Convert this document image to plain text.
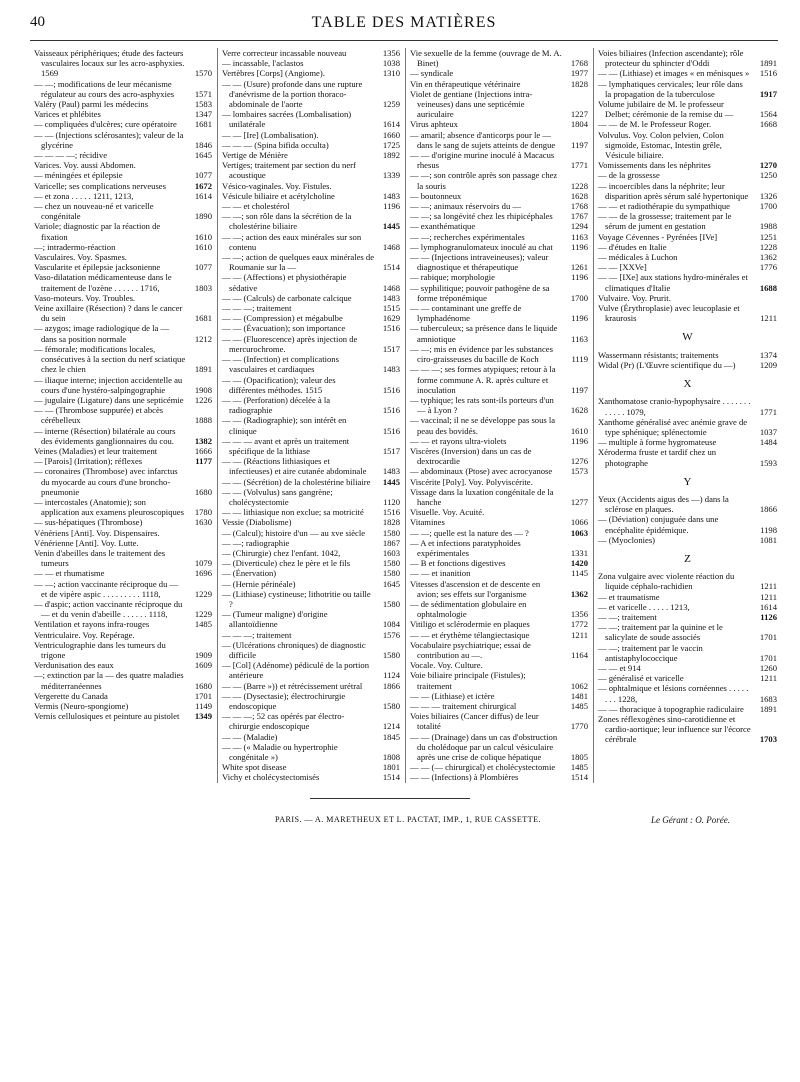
40	TABLE DES MATIÈRES
Vaisseaux périphériques; étude des facteurs vasculaires locaux sur les acro-asphyxies. 1569	1570
— —; modifications de leur mécanisme régulateur au cours des acro-asphyxies	1571
Valéry (Paul) parmi les médecins	1583
Varices et phlébites	1347
— compliquées d'ulcères; cure opératoire	1681
— — (Injections sclérosantes); valeur de la glycérine	1846
— — — —; récidive	1645
Varices. Voy. aussi Abdomen.
— méningées et épilepsie	1077
Varicelle; ses complications nerveuses	1672
— et zona . . . . . 1211, 1213,	1614
— chez un nouveau-né et varicelle congénitale	1890
Variole; diagnostic par la réaction de fixation	1610
—; intradermo-réaction	1610
Vasculaires. Voy. Spasmes.
Vascularite et épilepsie jacksonienne	1077
Vaso-dilatation médicamenteuse dans le traitement de l'ozène . . . . . . 1716,	1803
Vaso-moteurs. Voy. Troubles.
Veine axillaire (Résection) ? dans le cancer du sein	1681
— azygos; image radiologique de la — dans sa position normale	1212
— fémorale; modifications locales, consécutives à la section du nerf sciatique chez le chien	1891
— iliaque interne; injection accidentelle au cours d'une hystéro-salpingographie	1908
— jugulaire (Ligature) dans une septicémie	1226
— — (Thrombose suppurée) et abcès cérébelleux	1888
— interne (Résection) bilatérale au cours des évidements ganglionnaires du cou.	1382
Veines (Maladies) et leur traitement	1666
— [Parois] (Irritation); réflexes	1177
— coronaires (Thrombose) avec infarctus du myocarde au cours d'une broncho-pneumonie	1680
— intercostales (Anatomie); son application aux examens pleuroscopiques	1780
— sus-hépatiques (Thrombose)	1630
Vénériens [Anti]. Voy. Dispensaires.
Vénérienne [Anti]. Voy. Lutte.
Venin d'abeilles dans le traitement des tumeurs	1079
— — et rhumatisme	1696
— —; action vaccinante réciproque du — et de vipère aspic . . . . . . . . . 1118,	1229
— d'aspic; action vaccinante réciproque du — et du venin d'abeille . . . . . . 1118,	1229
Ventilation et rayons infra-rouges	1485
Ventriculaire. Voy. Repérage.
Ventriculographie dans les tumeurs du trigone	1909
Verdunisation des eaux	1609
—; extinction par la — des quatre maladies méditerranéennes	1680
Vergerette du Canada	1701
Vermis (Neuro-spongiome)	1149
Vernis cellulosiques et peinture au pistolet	1349
Verre correcteur incassable nouveau	1356
— incassable, l'aclastos	1038
Vertèbres [Corps] (Angiome).	1310
— — (Usure) profonde dans une rupture d'anévrisme de la portion thoraco-abdominale de l'aorte	1259
— lombaires sacrées (Lombalisation) unilatérale	1614
— — [Ire] (Lombalisation).	1660
— — — (Spina bifida occulta)	1725
Vertige de Ménière	1892
Vertiges; traitement par section du nerf acoustique	1339
Vésico-vaginales. Voy. Fistules.
Vésicule biliaire et acétylcholine	1483
— — et cholestérol	1196
— —; son rôle dans la sécrétion de la cholestérine biliaire	1445
— —; action des eaux minérales sur son contenu	1468
— —; action de quelques eaux minérales de Roumanie sur la —	1514
— — (Affections) et physiothérapie sédative	1468
— — (Calculs) de carbonate calcique	1483
— — —; traitement	1515
— — (Compression) et mégabulbe	1629
— — (Évacuation); son importance	1516
— — (Fluorescence) après injection de mercurochrome.	1517
— — (Infection) et complications vasculaires et cardiaques	1483
— — (Opacification); valeur des différentes méthodes. 1515	1516
— — (Perforation) décelée à la radiographie	1516
— — (Radiographie); son intérêt en clinique	1516
— — — avant et après un traitement spécifique de la lithiase	1517
— — (Réactions lithiasiques et infectieuses) et aire cutanée abdominale	1483
— — (Sécrétion) de la cholestérine biliaire	1445
— — (Volvulus) sans gangrène; cholécystectomie	1120
— — lithiasique non exclue; sa motricité	1516
Vessie (Diabolisme)	1828
— (Calcul); histoire d'un — au xve siècle	1580
— —; radiographie	1867
— (Chirurgie) chez l'enfant. 1042,	1603
— (Diverticule) chez le père et le fils	1580
— (Énervation)	1580
— (Hernie périnéale)	1645
— (Lithiase) cystineuse; lithotritie ou taille ?	1580
— (Tumeur maligne) d'origine allantoïdienne	1084
— — —; traitement	1576
— (Ulcérations chroniques) de diagnostic difficile	1580
— [Col] (Adénome) pédiculé de la portion antérieure	1124
— — (Barre »)) et rétrécissement urétral	1866
— — (Dysectasie); électrochirurgie endoscopique	1580
— — —; 52 cas opérés par électro-chirurgie endoscopique	1214
— — (Maladie)	1845
— — (« Maladie ou hypertrophie congénitale »)	1808
White spot disease	1801
Vichy et cholécystectomisés	1514
Vie sexuelle de la femme (ouvrage de M. A. Binet)	1768
— syndicale	1977
Vin en thérapeutique vétérinaire	1828
Violet de gentiane (Injections intra-veineuses) dans une septicémie auriculaire	1227
Virus aphteux	1804
— amaril; absence d'anticorps pour le — dans le sang de sujets atteints de dengue	1197
— — d'origine murine inoculé à Macacus rhesus	1771
— —; son contrôle après son passage chez la souris	1228
— boutonneux	1628
— —; animaux réservoirs du —	1768
— —; sa longévité chez les rhipicéphales	1767
— exanthématique	1294
— —; recherches expérimentales	1163
— lymphogranulomateux inoculé au chat	1196
— — (Injections intraveineuses); valeur diagnostique et thérapeutique	1261
— rabique; morphologie	1196
— syphilitique; pouvoir pathogène de sa forme tréponémique	1700
— — contaminant une greffe de lymphadénome	1196
— tuberculeux; sa présence dans le liquide amniotique	1163
— —; mis en évidence par les substances ciro-graisseuses du bacille de Koch	1119
— — —; ses formes atypiques; retour à la forme commune A. R. après culture et inoculation	1197
— typhique; les rats sont-ils porteurs d'un — à Lyon ?	1628
— vaccinal; il ne se développe pas sous la peau des bovidés.	1610
— — et rayons ultra-violets	1196
Viscères (Inversion) dans un cas de dextrocardie	1276
— abdominaux (Ptose) avec acrocyanose	1573
Viscérite [Poly]. Voy. Polyviscérite.
Vissage dans la luxation congénitale de la hanche	1277
Visuelle. Voy. Acuité.
Vitamines	1066
— —; quelle est la nature des — ?	1063
— A et infections paratyphoïdes expérimentales	1331
— B et fonctions digestives	1420
— — et inanition	1145
Vitesses d'ascension et de descente en avion; ses effets sur l'organisme	1362
— de sédimentation globulaire en ophtalmologie	1356
Vitiligo et sclérodermie en plaques	1772
— — et érythème télangiectasique	1211
Vocabulaire psychiatrique; essai de contribution au —.	1164
Vocale. Voy. Culture.
Voie biliaire principale (Fistules); traitement	1062
— — (Lithiase) et ictère	1481
— — — traitement chirurgical	1485
Voies biliaires (Cancer diffus) de leur totalité	1770
— — (Drainage) dans un cas d'obstruction du cholédoque par un calcul vésiculaire après une crise de colique hépatique	1805
— — (— chirurgical) et cholécystectomie	1485
— — (Infections) à Plombières	1514
Voies biliaires (Infection ascendante); rôle protecteur du sphincter d'Oddi	1891
— — (Lithiase) et images « en ménisques »	1516
— lymphatiques cervicales; leur rôle dans la propagation de la tuberculose	1917
Volume jubilaire de M. le professeur Delbet; cérémonie de la remise du —	1564
— — de M. le Professeur Roger.	1668
Volvulus. Voy. Colon pelvien, Colon sigmoïde, Estomac, Intestin grêle, Vésicule biliaire.
Vomissements dans les néphrites	1270
— de la grossesse	1250
— incoercibles dans la néphrite; leur disparition après sérum salé hypertonique	1326
— — et radiothérapie du sympathique	1700
— — de la grossesse; traitement par le sérum de jument en gestation	1988
Voyage Cévennes - Pyrénées [IVe]	1251
— d'études en Italie	1228
— médicales à Luchon	1362
— — [XXVe]	1776
— — [IXe] aux stations hydro-minérales et climatiques d'Italie	1688
Vulvaire. Voy. Prurit.
Vulve (Érythroplasie) avec leucoplasie et kraurosis	1211
W
Wassermann résistants; traitements	1374
Widal (Pr) (L'Œuvre scientifique du —)	1209
X
Xanthomatose cranio-hypophysaire . . . . . . . . . . . . 1079,	1771
Xanthome généralisé avec anémie grave de type sphénique; splénectomie	1037
— multiple à forme hygromateuse	1484
Xéroderma fruste et tardif chez un photographe	1593
Y
Yeux (Accidents aigus des —) dans la sclérose en plaques.	1866
— (Déviation) conjuguée dans une encéphalite épidémique.	1198
— (Myoclonies)	1081
Z
Zona vulgaire avec violente réaction du liquide céphalo-rachidien	1211
— et traumatisme	1211
— et varicelle . . . . . 1213,	1614
— —; traitement	1126
— —; traitement par la quinine et le salicylate de soude associés	1701
— —; traitement par le vaccin antistaphylococcique	1701
— — et 914	1260
— généralisé et varicelle	1211
— ophtalmique et lésions cornéennes . . . . . . . . 1228,	1683
— — thoracique à topographie radiculaire	1891
Zones réflexogènes sino-carotidienne et cardio-aortique; leur influence sur l'écorce cérébrale	1703
PARIS. — A. MARETHEUX ET L. PACTAT, IMP., 1, RUE CASSETTE.	Le Gérant : O. Porée.
